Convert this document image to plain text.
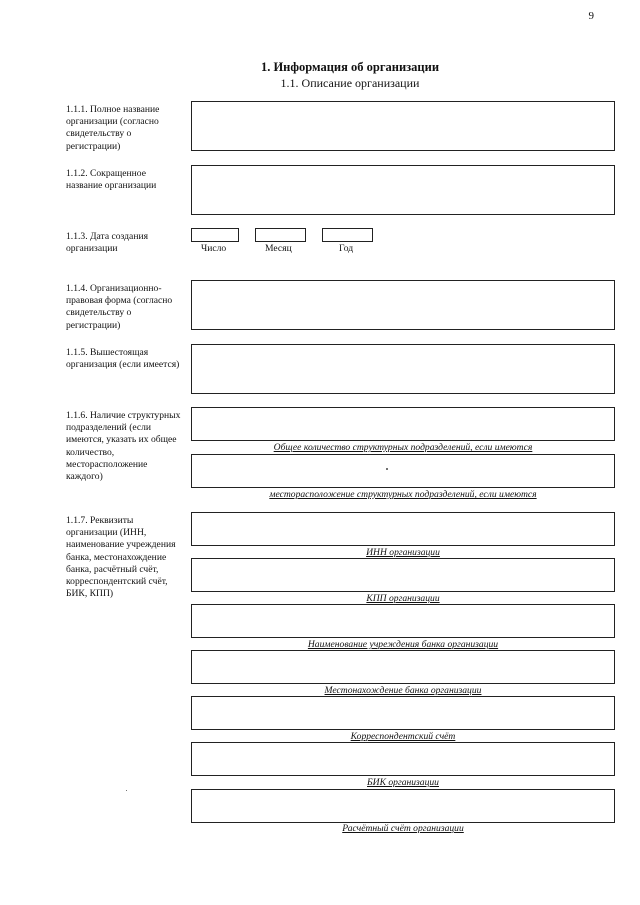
9
1. Информация об организации
1.1. Описание организации
1.1.1. Полное название организации (согласно свидетельству о регистрации)
1.1.2. Сокращенное название организации
1.1.3. Дата создания организации	Число	Месяц	Год
1.1.4. Организационно-правовая форма (согласно свидетельству о регистрации)
1.1.5. Вышестоящая организация (если имеется)
1.1.6. Наличие структурных подразделений (если имеются, указать их общее количество, месторасположение каждого)
Общее количество структурных подразделений, если имеются
месторасположение структурных подразделений, если имеются
1.1.7. Реквизиты организации (ИНН, наименование учреждения банка, местонахождение банка, расчётный счёт, корреспондентский счёт, БИК, КПП)
ИНН организации
КПП организации
Наименование учреждения банка организации
Местонахождение банка организации
Корреспондентский счёт
БИК организации
Расчётный счёт организации
